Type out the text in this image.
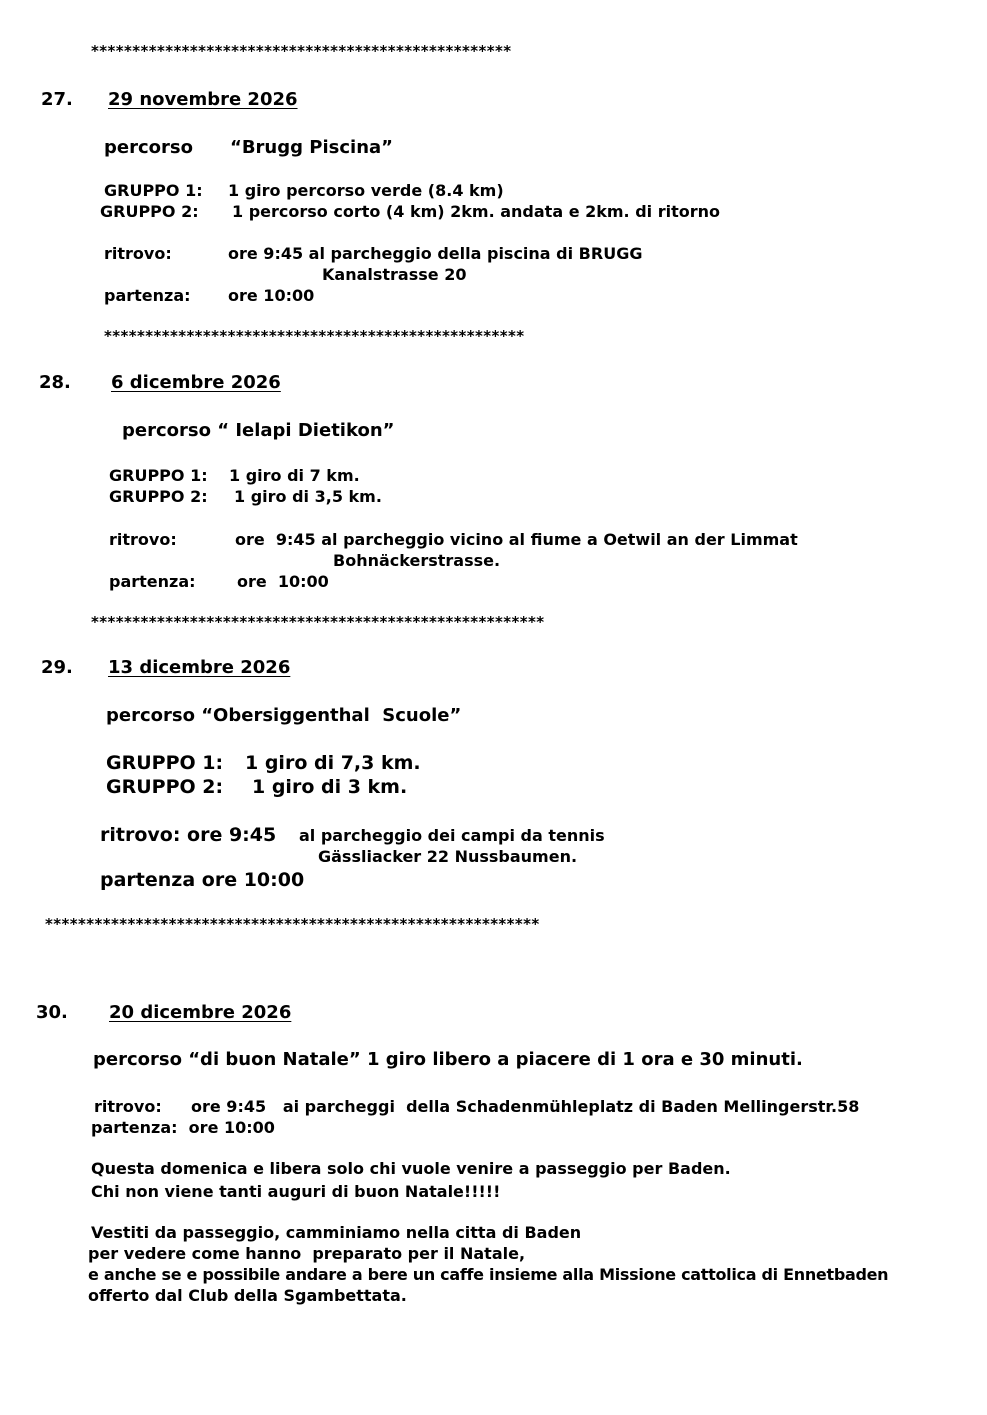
***************************************************
27. 29 novembre 2026
percorso “Brugg Piscina”
GRUPPO 1: 1 giro percorso verde (8.4 km)
GRUPPO 2: 1 percorso corto (4 km) 2km. andata e 2km. di ritorno
ritrovo:	ore 9:45 al parcheggio della piscina di BRUGG
Kanalstrasse 20
partenza: ore 10:00
***************************************************
28. 6 dicembre 2026
percorso “ Ielapi Dietikon”
GRUPPO 1: 1 giro di 7 km.
GRUPPO 2: 1 giro di 3,5 km.
ritrovo:	ore  9:45 al parcheggio vicino al fiume a Oetwil an der Limmat
Bohnäckerstrasse.
partenza:	ore  10:00
*******************************************************
29. 13 dicembre 2026
percorso “Obersiggenthal  Scuole”
GRUPPO 1: 1 giro di 7,3 km.
GRUPPO 2: 1 giro di 3 km.
ritrovo: ore 9:45 al parcheggio dei campi da tennis
Gässliacker 22 Nussbaumen.
partenza ore 10:00
************************************************************
30. 20 dicembre 2026
percorso “di buon Natale” 1 giro libero a piacere di 1 ora e 30 minuti.
ritrovo: ore 9:45   ai parcheggi  della Schadenmühleplatz di Baden Mellingerstr.58
partenza:  ore 10:00
Questa domenica e libera solo chi vuole venire a passeggio per Baden.
Chi non viene tanti auguri di buon Natale!!!!!
Vestiti da passeggio, camminiamo nella citta di Baden
per vedere come hanno  preparato per il Natale,
e anche se e possibile andare a bere un caffe insieme alla Missione cattolica di Ennetbaden
offerto dal Club della Sgambettata.
